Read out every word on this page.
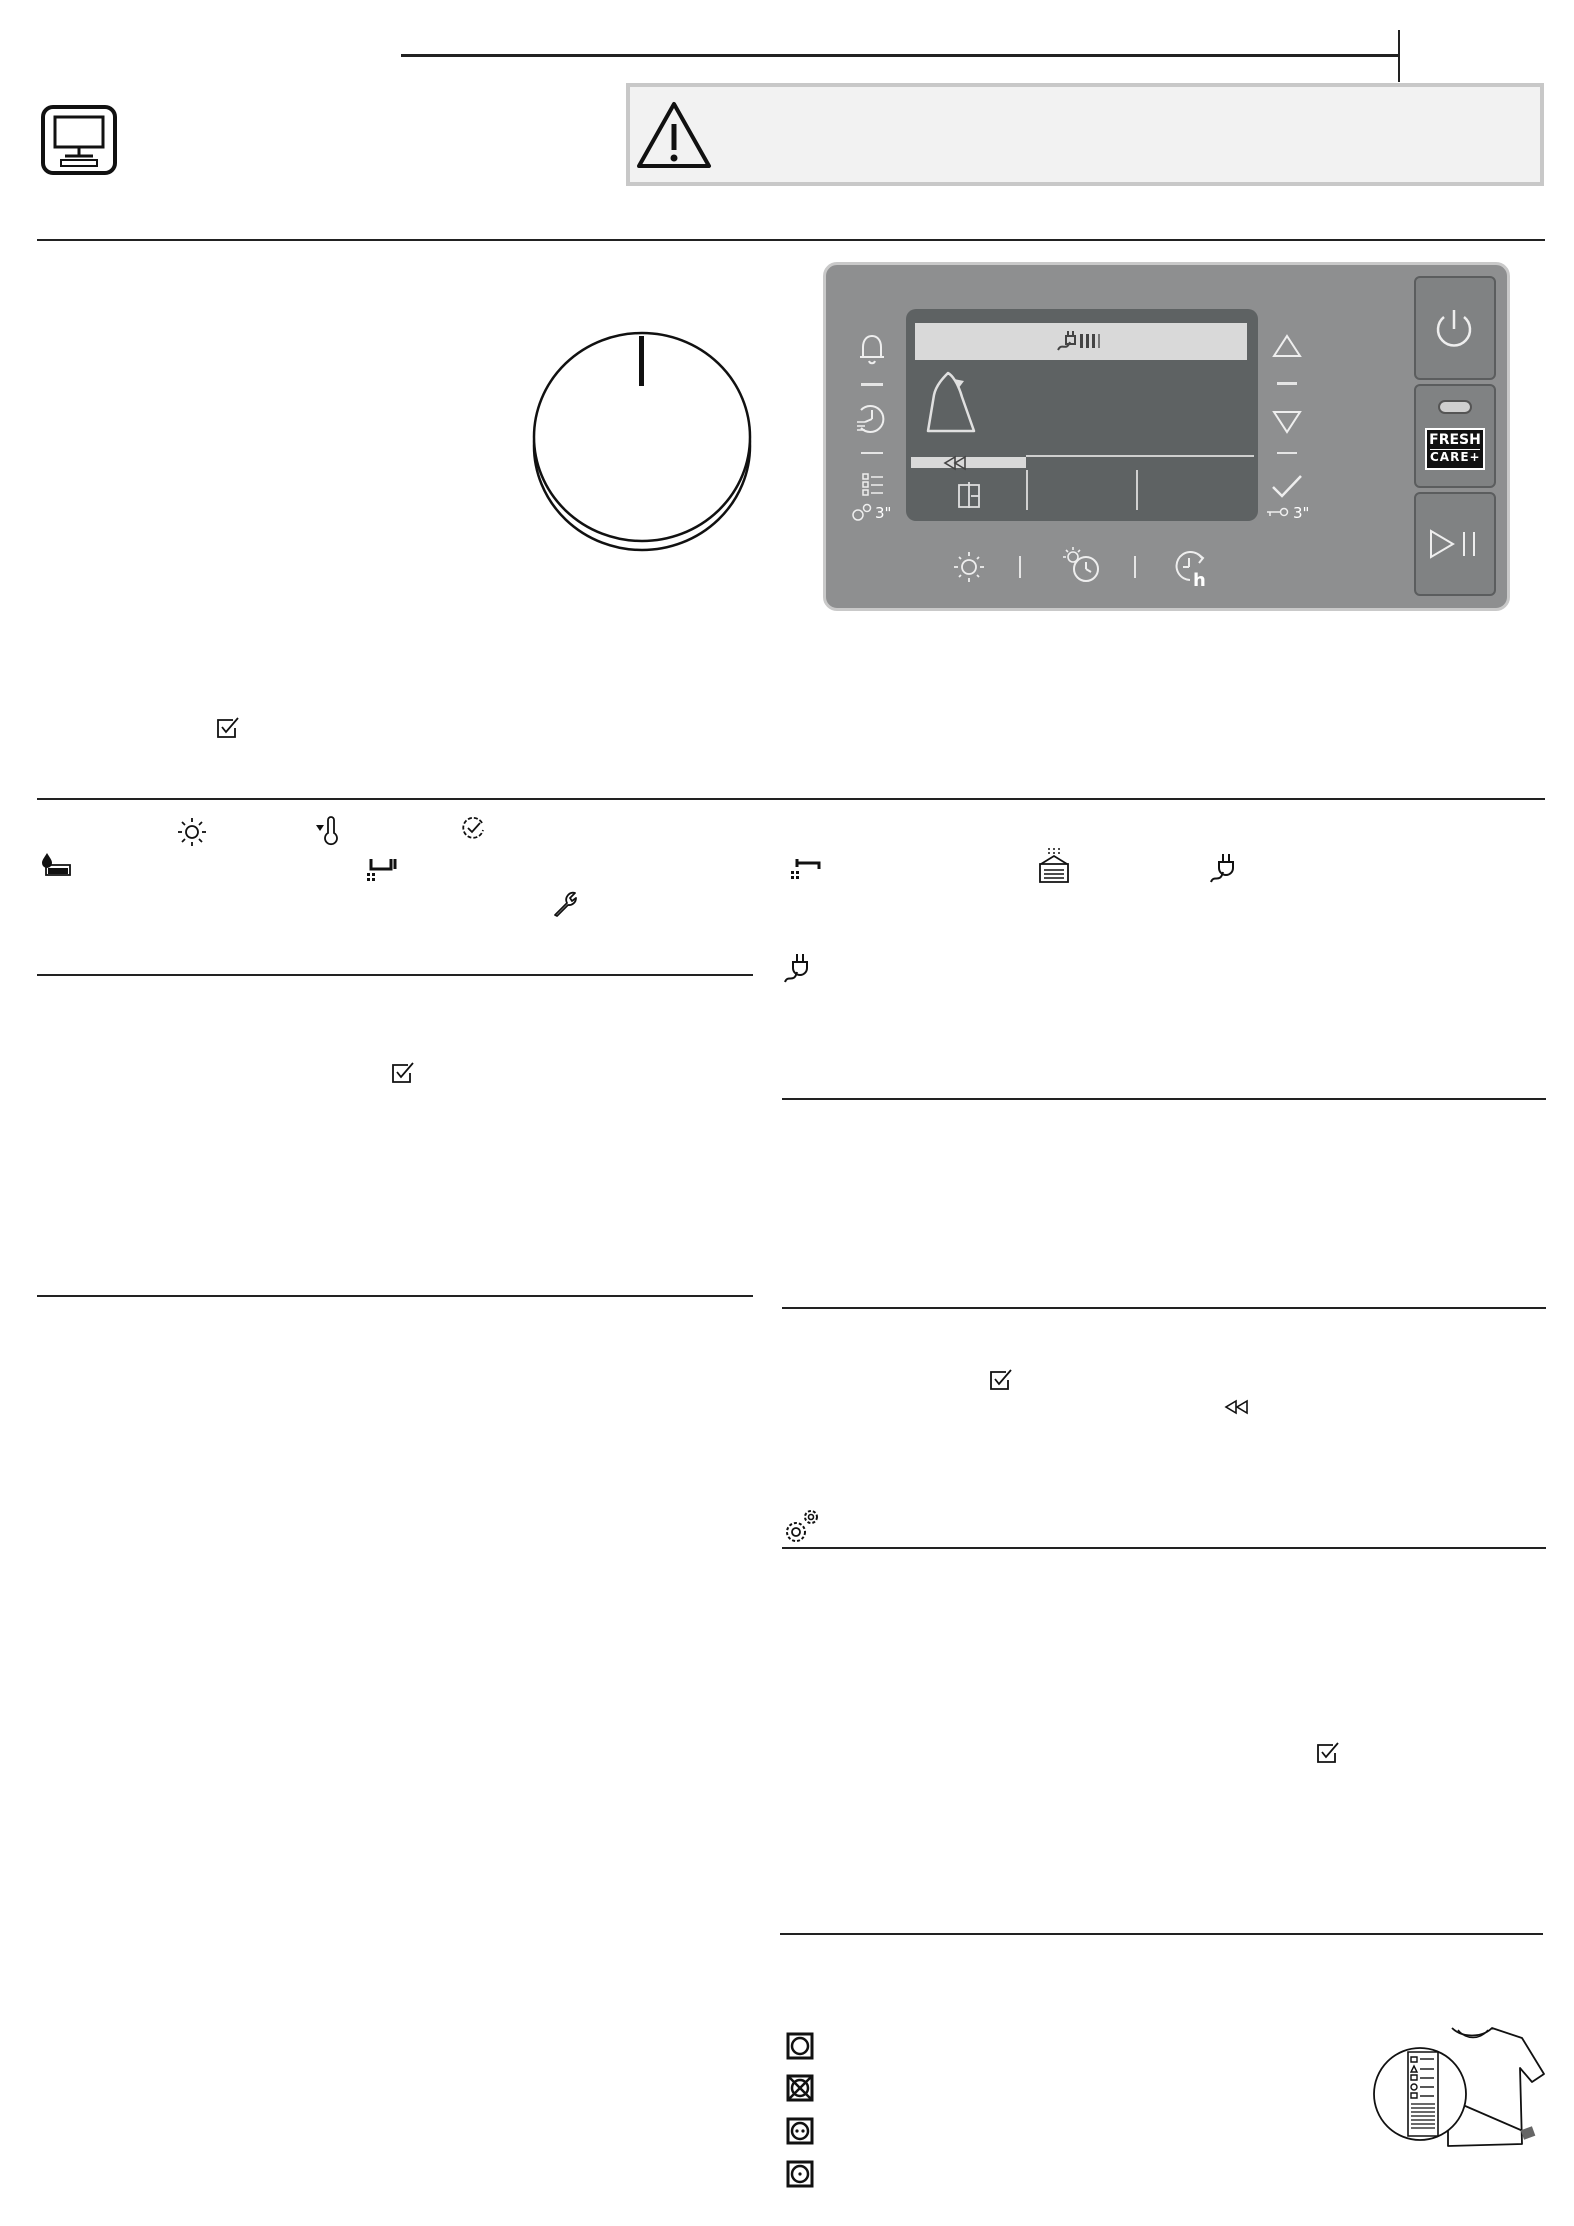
3"	3"
h
FRESH
CARE+
